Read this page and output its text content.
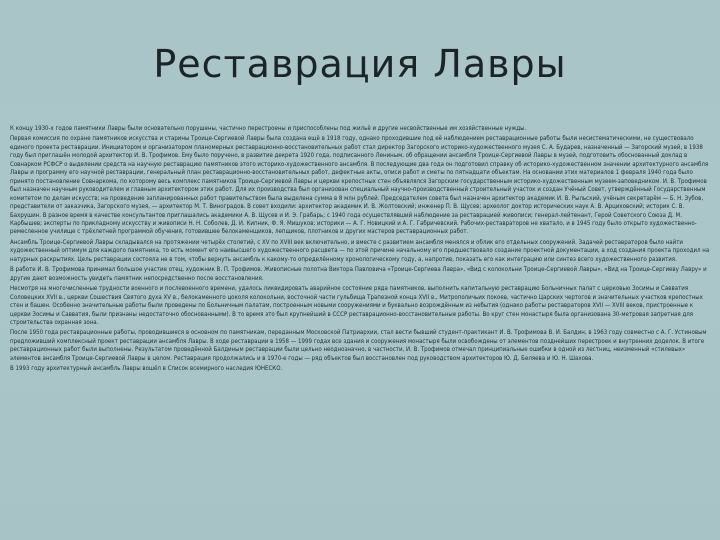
Реставрация Лавры

К концу 1930-х годов памятники Лавры были основательно порушены, частично перестроены и приспособлены под жильё и другие несвойственные им хозяйственные нужды.

Первая комиссия по охране памятников искусства и старины Троице-Сергиевой Лавры была создана ещё в 1918 году, однако проходившие под её наблюдением реставрационные работы были несистематическими, не существовало единого проекта реставрации. Инициатором и организатором планомерных реставрационно-восстановительных работ стал директор Загорского историко-художественного музея С. А. Бударев, назначенный — Загорский музей, в 1938 году был приглашён молодой архитектор И. В. Трофимов. Ему было поручено, в развитие декрета 1920 года, подписанного Лениным, об обращении ансамбля Троице-Сергиевой Лавры в музей, подготовить обоснованный доклад в Совнарком РСФСР о выделении средств на научную реставрацию памятников этого историко-художественного ансамбля. В последующие два года он подготовил справку об историко-художественном значении архитектурного ансамбля Лавры и программу его научной реставрации, генеральный план реставрационно-восстановительных работ, дефектные акты, описи работ и сметы по пятнадцати объектам. На основании этих материалов 1 февраля 1940 года было принято постановление Совнаркома, по которому весь комплекс памятников Троице-Сергиевой Лавры и церкви крепостных стен объявлялся Загорским государственным историко-художественным музеем-заповедником. И. В. Трофимов был назначен научным руководителем и главным архитектором этих работ. Для их производства был организован специальный научно-производственный строительный участок и создан Учёный Совет, утверждённый Государственным комитетом по делам искусств; на проведение запланированных работ правительством была выделена сумма в 8 млн рублей. Председателем совета был назначен архитектор академик И. В. Рыльский, учёным секретарём — Б. Н. Зубов, представители от заказчика, Загорского музея, — архитектор М. Т. Виноградов. В совет входили: архитектор академик И. В. Жолтовский; инженер П. В. Щусев; археолог доктор исторических наук А. В. Арциховский; историк С. В. Бахрушин. В разное время в качестве консультантов приглашались академики А. В. Щусев и И. Э. Грабарь; с 1940 года осуществлявший наблюдение за реставрацией живописи; генерал-лейтенант, Герой Советского Союза Д. М. Карбышев; эксперты по прикладному искусству и живописи Н. Н. Соболев, Д. И. Кипник, Ф. Я. Мишуков; историки — А. Г. Новицкий и А. Г. Габричевский. Рабочих-реставраторов не хватало, и в 1945 году было открыто художественно-ремесленное училище с трёхлетней программой обучения, готовившее белокаменщиков, лепщиков, плотников и других мастеров реставрационных работ.

Ансамбль Троице-Сергиевой Лавры складывался на протяжении четырёх столетий, с XV по XVIII век включительно, и вместе с развитием ансамбля менялся и облик его отдельных сооружений. Задачей реставраторов было найти художественный оптимум для каждого памятника, то есть момент его наивысшего художественного расцвета — по этой причине начальному его предшествовало создание проектной документации, а ход создания проекта проходил на натурных раскрытиях. Цель реставрации состояла не в том, чтобы вернуть ансамбль к какому-то определённому хронологическому году, а, напротив, показать его как интеграцию или синтез всего художественного развития.

В работе И. В. Трофимова принимал большое участие отец, художник В. П. Трофимов. Живописные полотна Виктора Павловича «Троице-Сергиева Лавра», «Вид с колокольни Троице-Сергиевой Лавры», «Вид на Троице-Сергиеву Лавру» и другие дают возможность увидеть памятник непосредственно после восстановления.

Несмотря на многочисленные трудности военного и послевоенного времени, удалось ликвидировать аварийное состояние ряда памятников, выполнить капитальную реставрацию Больничных палат с церковью Зосимы и Савватия Соловецких XVII в., церкви Сошествия Святого духа XV в., белокаменного цоколя колокольни, восточной части гульбища Трапезной конца XVII в., Митрополичьих покоев, частично Царских чертогов и значительных участков крепостных стен и башен. Особенно значительные работы были проведены по Больничным палатам, построенным новыми сооружениями и буквально возрождённым из небытия (однако работы реставраторов XVII — XVIII веков, пристроенные к церкви Зосимы и Савватия, были признаны недостаточно обоснованными). В то время это был крупнейший в СССР реставрационно-восстановительные работы. Во круг стен монастыря была организована 30-метровая запретная для строительства охранная зона.

После 1950 года реставрационные работы, проводившиеся в основном по памятникам, переданным Московской Патриархии, стал вести бывший студент-практикант И. В. Трофимова В. И. Балдин, в 1963 году совместно с А. Г. Устиновым предложивший комплексный проект реставрации ансамбля Лавры. В ходе реставрации в 1958 — 1999 годах все здания и сооружения монастыря были освобождены от элементов позднейших перестроек и внутренних доделок. В итоге реставрационных работ были выполнены. Результатом проведённой Балдиным реставрации были цельно неоднозначно, в частности, И. В. Трофимов отмечал принципиальные ошибки в одной из лестниц, неизменный «стилевых» элементов ансамбля Троице-Сергиевой Лавры в целом. Реставрация продолжались и в 1970-е годы — ряд объектов был восстановлен под руководством архитекторов Ю. Д. Беляева и Ю. Н. Шахова.

В 1993 году архитектурный ансамбль Лавры вошёл в Список всемирного наследия ЮНЕСКО.
